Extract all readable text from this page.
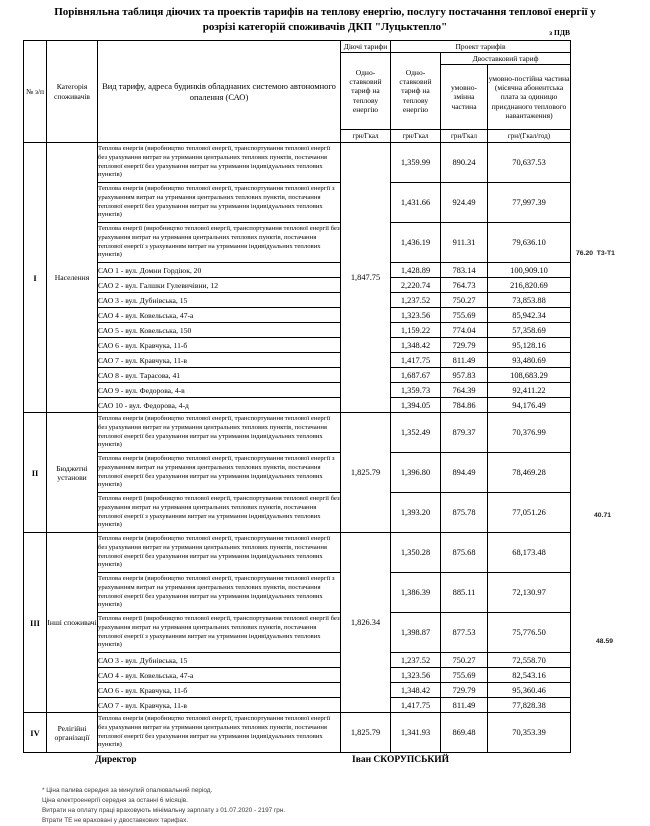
Порівняльна таблиця діючих та проектів тарифів на теплову енергію, послугу постачання теплової енергії у
розрізі категорій споживачів ДКП "Луцьктепло"	з ПДВ
№ з/п	Категорія споживачів	Вид тарифу, адреса будинків обладнаних системою автономного опалення (САО)	Діючі тарифи	Проект тарифів		
			Одно-ставковий тариф на теплову енергію	Одно-ставковий тариф на теплову енергію	Двоставковий тариф	
					умовно-змінна частина	умовно-постійна частина (місячна абонентська плата за одиницю приєднаного теплового навантаження)
			грн/Гкал	грн/Гкал	грн/Гкал	грн/(Гкал/год)
I	Населення	Теплова енергія (виробництво теплової енергії, транспортування теплової енергії без урахування витрат на утримання центральних теплових пунктів, постачання теплової енергії без урахування витрат на утримання індивідуальних теплових пунктів)	1,847.75	1,359.99	890.24	70,637.53
		Теплова енергія (виробництво теплової енергії, транспортування теплової енергії з урахуванням витрат на утримання центральних теплових пунктів, постачання теплової енергії без урахування витрат на утримання індивідуальних теплових пунктів)		1,431.66	924.49	77,997.39
		Теплова енергії (виробництво теплової енергії, транспортування теплової енергії без урахування витрат на утримання центральних теплових пунктів, постачання теплової енергії з урахуванням витрат на утримання індивідуальних теплових пунктів)		1,436.19	911.31	79,636.10
		САО 1 - вул. Домни Гордіюк, 20		1,428.89	783.14	100,909.10
		САО 2 - вул. Галшки Гулевичівни, 12		2,220.74	764.73	216,820.69
		САО 3 - вул. Дубнівська, 15		1,237.52	750.27	73,853.88
		САО 4 - вул. Ковельська, 47-а		1,323.56	755.69	85,942.34
		САО 5 - вул. Ковельська, 150		1,159.22	774.04	57,358.69
		САО 6 - вул. Кравчука, 11-б		1,348.42	729.79	95,128.16
		САО 7 - вул. Кравчука, 11-в		1,417.75	811.49	93,480.69
		САО 8 - вул. Тарасова, 41		1,687.67	957.83	108,683.29
		САО 9 - вул. Федорова, 4-в		1,359.73	764.39	92,411.22
		САО 10 - вул. Федорова, 4-д		1,394.05	784.86	94,176.49
II	Бюджетні установи	Теплова енергія (виробництво теплової енергії, транспортування теплової енергії без урахування витрат на утримання центральних теплових пунктів, постачання теплової енергії без урахування витрат на утримання індивідуальних теплових пунктів)	1,825.79	1,352.49	879.37	70,376.99
		Теплова енергія (виробництво теплової енергії, транспортування теплової енергії з урахуванням витрат на утримання центральних теплових пунктів, постачання теплової енергії без урахування витрат на утримання індивідуальних теплових пунктів)		1,396.80	894.49	78,469.28
		Теплова енергії (виробництво теплової енергії, транспортування теплової енергії без урахування витрат на утримання центральних теплових пунктів, постачання теплової енергії з урахуванням витрат на утримання індивідуальних теплових пунктів)		1,393.20	875.78	77,051.26
III	Інші споживачі	Теплова енергія (виробництво теплової енергії, транспортування теплової енергії без урахування витрат на утримання центральних теплових пунктів, постачання теплової енергії без урахування витрат на утримання індивідуальних теплових пунктів)	1,826.34	1,350.28	875.68	68,173.48
		Теплова енергія (виробництво теплової енергії, транспортування теплової енергії з урахуванням витрат на утримання центральних теплових пунктів, постачання теплової енергії без урахування витрат на утримання індивідуальних теплових пунктів)		1,386.39	885.11	72,130.97
		Теплова енергії (виробництво теплової енергії, транспортування теплової енергії без урахування витрат на утримання центральних теплових пунктів, постачання теплової енергії з урахуванням витрат на утримання індивідуальних теплових пунктів)		1,398.87	877.53	75,776.50
		САО 3 - вул. Дубнівська, 15		1,237.52	750.27	72,558.70
		САО 4 - вул. Ковельська, 47-а		1,323.56	755.69	82,543.16
		САО 6 - вул. Кравчука, 11-б		1,348.42	729.79	95,360.46
		САО 7 - вул. Кравчука, 11-в		1,417.75	811.49	77,828.38
IV	Релігійні організації	Теплова енергія (виробництво теплової енергії, транспортування теплової енергії без урахування витрат на утримання центральних теплових пунктів, постачання теплової енергії без урахування витрат на утримання індивідуальних теплових пунктів)	1,825.79	1,341.93	869.48	70,353.39
76.20  Т3-Т1
40.71
48.59
Директор	Іван СКОРУПСЬКИЙ
* Ціна палива середня за минулий опалювальний період.
Ціна електроенергії середня за останні 6 місяців.
Витрати на оплату праці враховують мінімальну зарплату з 01.07.2020 - 2197 грн.
Втрати ТЕ не враховані у двоставкових тарифах.
